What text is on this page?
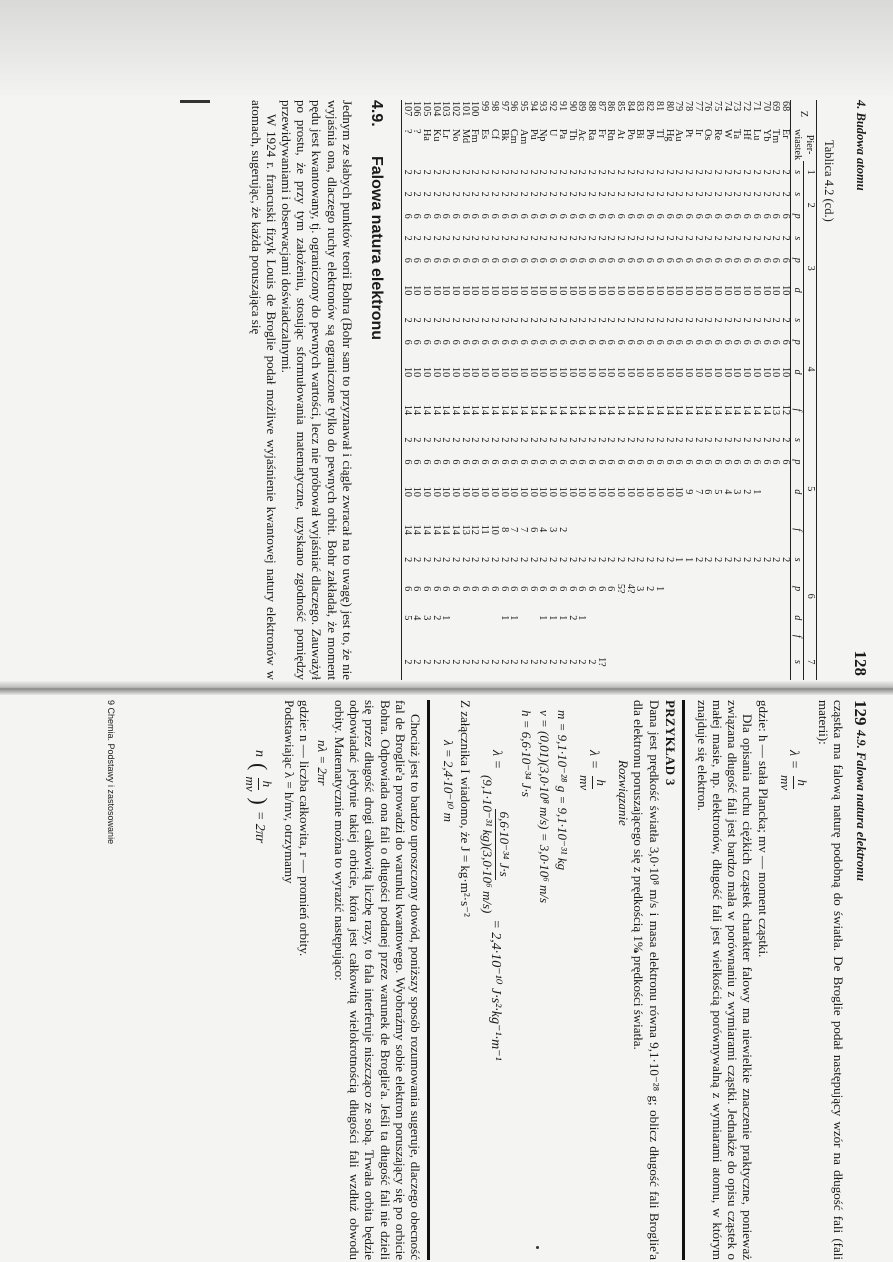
4. Budowa atomu
128
Tablica 4.2 (cd.)
Z	Pier-wiastek	1	2		3			4				5				6				7
		s	s	p	s	p	d	s	p	d	f	s	p	d	f	s	p	d	f	s
68	Er	2	2	6	2	6	10	2	6	10	12	2	6			2				
69	Tm	2	2	6	2	6	10	2	6	10	13	2	6			2				
70	Yb	2	2	6	2	6	10	2	6	10	14	2	6			2				
71	Lu	2	2	6	2	6	10	2	6	10	14	2	6	1		2				
72	Hf	2	2	6	2	6	10	2	6	10	14	2	6	2		2				
73	Ta	2	2	6	2	6	10	2	6	10	14	2	6	3		2				
74	W	2	2	6	2	6	10	2	6	10	14	2	6	4		2				
75	Re	2	2	6	2	6	10	2	6	10	14	2	6	5		2				
76	Os	2	2	6	2	6	10	2	6	10	14	2	6	6		2				
77	Ir	2	2	6	2	6	10	2	6	10	14	2	6	7		2				
78	Pt	2	2	6	2	6	10	2	6	10	14	2	6	9		1				
79	Au	2	2	6	2	6	10	2	6	10	14	2	6	10		1				
80	Hg	2	2	6	2	6	10	2	6	10	14	2	6	10		2				
81	Tl	2	2	6	2	6	10	2	6	10	14	2	6	10		2	1			
82	Pb	2	2	6	2	6	10	2	6	10	14	2	6	10		2	2			
83	Bi	2	2	6	2	6	10	2	6	10	14	2	6	10		2	3			
84	Po	2	2	6	2	6	10	2	6	10	14	2	6	10		2	4?			
85	At	2	2	6	2	6	10	2	6	10	14	2	6	10		2	5?			
86	Rn	2	2	6	2	6	10	2	6	10	14	2	6	10		2	6			
87	Fr	2	2	6	2	6	10	2	6	10	14	2	6	10		2	6			1?
88	Ra	2	2	6	2	6	10	2	6	10	14	2	6	10		2	6			2
89	Ac	2	2	6	2	6	10	2	6	10	14	2	6	10		2	6	1		2
90	Th	2	2	6	2	6	10	2	6	10	14	2	6	10		2	6	2		2
91	Pa	2	2	6	2	6	10	2	6	10	14	2	6	10	2	2	6	1		2
92	U	2	2	6	2	6	10	2	6	10	14	2	6	10	3	2	6	1		2
93	Np	2	2	6	2	6	10	2	6	10	14	2	6	10	4	2	6	1		2
94	Pu	2	2	6	2	6	10	2	6	10	14	2	6	10	6	2	6			2
95	Am	2	2	6	2	6	10	2	6	10	14	2	6	10	7	2	6			2
96	Cm	2	2	6	2	6	10	2	6	10	14	2	6	10	7	2	6	1		2
97	Bk	2	2	6	2	6	10	2	6	10	14	2	6	10	8	2	6	1		2
98	Cf	2	2	6	2	6	10	2	6	10	14	2	6	10	10	2	6			2
99	Es	2	2	6	2	6	10	2	6	10	14	2	6	10	11	2	6			2
100	Fm	2	2	6	2	6	10	2	6	10	14	2	6	10	12	2	6			2
101	Md	2	2	6	2	6	10	2	6	10	14	2	6	10	13	2	6			2
102	No	2	2	6	2	6	10	2	6	10	14	2	6	10	14	2	6			2
103	Lr	2	2	6	2	6	10	2	6	10	14	2	6	10	14	2	6	1		2
104	Ku	2	2	6	2	6	10	2	6	10	14	2	6	10	14	2	6	2		2
105	Ha	2	2	6	2	6	10	2	6	10	14	2	6	10	14	2	6	3		2
106	?	2	2	6	2	6	10	2	6	10	14	2	6	10	14	2	6	4		2
107	?	2	2	6	2	6	10	2	6	10	14	2	6	10	14	2	6	5		2
4.9.Falowa natura elektronu

Jednym ze słabych punktów teorii Bohra (Bohr sam to przyznawał i ciągle zwracał na to uwagę) jest to, że nie wyjaśnia ona, dlaczego ruchy elektronów są ograniczone tylko do pewnych orbit. Bohr zakładał, że moment pędu jest kwantowany, tj. ograniczony do pewnych wartości, lecz nie próbował wyjaśniać dlaczego. Zauważył po prostu, że przy tym założeniu, stosując sformułowania matematyczne, uzyskano zgodność pomiędzy przewidywaniami i obserwacjami doświadczalnymi.

W 1924 r. francuski fizyk Louis de Broglie podał możliwe wyjaśnienie kwantowej natury elektronów w atomach, sugerując, że każda poruszająca się

129
4.9. Falowa natura elektronu

cząstka ma falową naturę podobną do światła. De Broglie podał następujący wzór na długość fali (fali materii):

λ =
h
mv

gdzie: h — stała Plancka; mv — moment cząstki.

Dla opisania ruchu ciężkich cząstek charakter falowy ma niewielkie znaczenie praktyczne, ponieważ związana długość fali jest bardzo mała w porównaniu z wymiarami cząstki. Jednakże do opisu cząstek o małej masie, np. elektronów, długość fali jest wielkością porównywalną z wymiarami atomu, w którym znajduje się elektron.

PRZYKŁAD 3

Dana jest prędkość światła 3,0·10⁸ m/s i masa elektronu równa 9,1·10⁻²⁸ g; oblicz długość fali Broglie'a dla elektronu poruszającego się z prędkością 1% prędkości światła.

Rozwiązanie
λ =
h
mv
m = 9,1·10⁻²⁸ g = 9,1·10⁻³¹ kg
v = (0,01)(3,0·10⁸ m/s) = 3,0·10⁶ m/s
h = 6,6·10⁻³⁴ J·s
λ =
6,6·10⁻³⁴ J·s
(9,1·10⁻³¹ kg)(3,0·10⁶ m/s)
= 2,4·10⁻¹⁰ J·s²·kg⁻¹·m⁻¹

Z załącznika I wiadomo, że J = kg·m²·s⁻²

λ = 2,4·10⁻¹⁰ m

Chociaż jest to bardzo uproszczony dowód, poniższy sposób rozumowania sugeruje, dlaczego obecność fal de Broglie'a prowadzi do warunku kwantowego. Wyobraźmy sobie elektron poruszający się po orbicie Bohra. Odpowiada ona fali o długości podanej przez warunek de Broglie'a. Jeśli ta długość fali nie dzieli się przez długość drogi całkowitą liczbę razy, to fala interferuje niszcząco ze sobą. Trwała orbita będzie odpowiadać jedynie takiej orbicie, która jest całkowitą wielokrotnością długości fali wzdłuż obwodu orbity. Matematycznie można to wyrazić następująco:

nλ = 2πr

gdzie: n — liczba całkowita, r — promień orbity.

Podstawiając λ = h/mv, otrzymamy

n
(
h
mv
)
= 2πr
9 Chemia. Podstawy i zastosowanie
